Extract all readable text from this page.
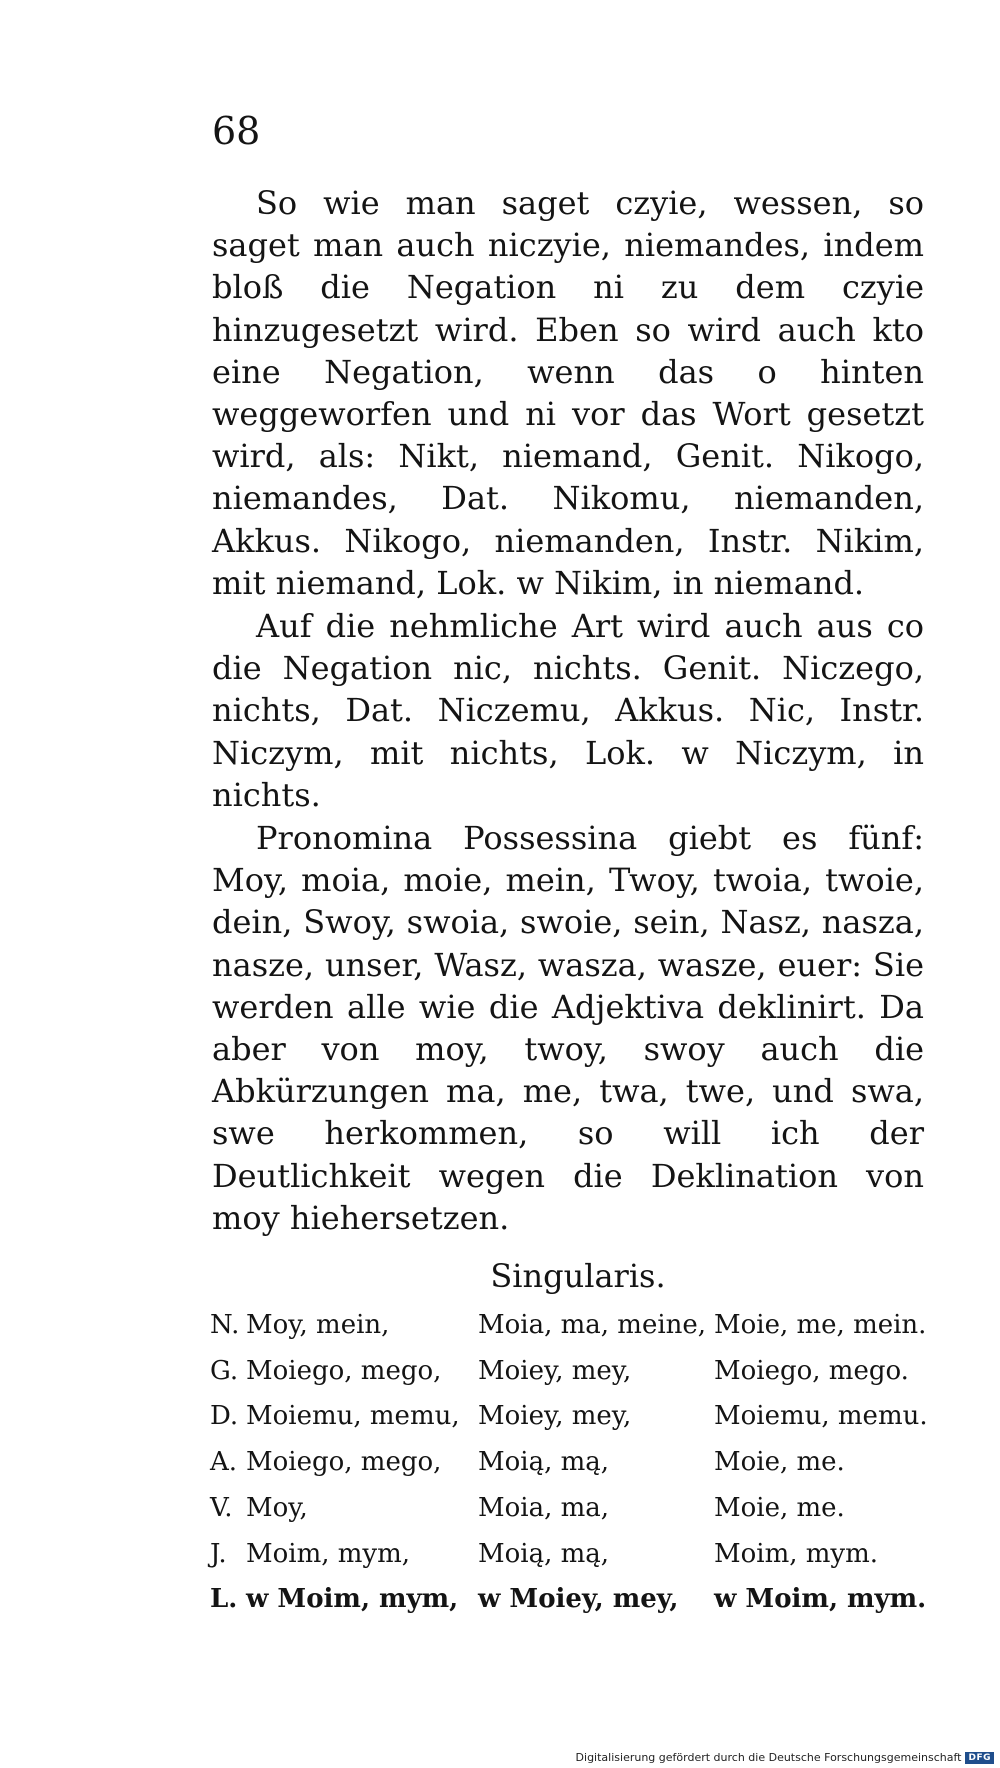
68

So wie man saget czyie, wessen, so saget man auch niczyie, niemandes, indem bloß die Negation ni zu dem czyie hinzugesetzt wird. Eben so wird auch kto eine Negation, wenn das o hinten weggeworfen und ni vor das Wort gesetzt wird, als: Nikt, niemand, Genit. Nikogo, niemandes, Dat. Nikomu, niemanden, Akkus. Nikogo, niemanden, Instr. Nikim, mit niemand, Lok. w Nikim, in niemand.

Auf die nehmliche Art wird auch aus co die Negation nic, nichts. Genit. Niczego, nichts, Dat. Niczemu, Akkus. Nic, Instr. Niczym, mit nichts, Lok. w Niczym, in nichts.

Pronomina Possessina giebt es fünf: Moy, moia, moie, mein, Twoy, twoia, twoie, dein, Swoy, swoia, swoie, sein, Nasz, nasza, nasze, unser, Wasz, wasza, wasze, euer: Sie werden alle wie die Adjektiva deklinirt. Da aber von moy, twoy, swoy auch die Abkürzungen ma, me, twa, twe, und swa, swe herkommen, so will ich der Deutlichkeit wegen die Deklination von moy hiehersetzen.

Singularis.
N.	Moy, mein,	Moia, ma, meine,	Moie, me, mein.
G.	Moiego, mego,	Moiey, mey,	Moiego, mego.
D.	Moiemu, memu,	Moiey, mey,	Moiemu, memu.
A.	Moiego, mego,	Moią, mą,	Moie, me.
V.	Moy,	Moia, ma,	Moie, me.
J.	Moim, mym,	Moią, mą,	Moim, mym.
L.	w Moim, mym,	w Moiey, mey,	w Moim, mym.
Digitalisierung gefördert durch die Deutsche Forschungsgemeinschaft DFG
